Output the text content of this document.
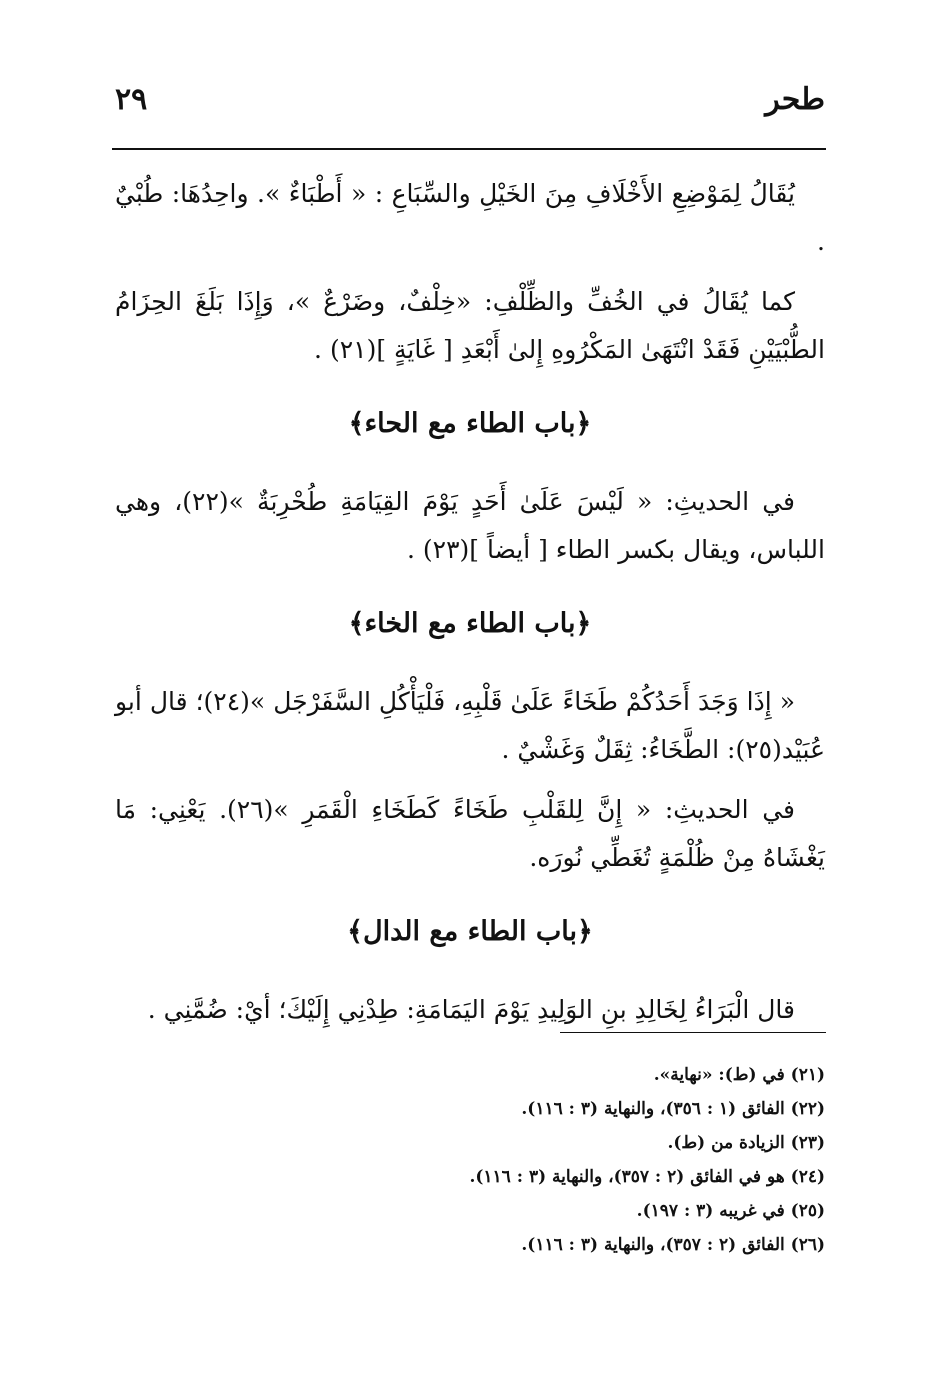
٢٩	طحر

يُقَالُ لِمَوْضِعِ الأَخْلَافِ مِنَ الخَيْلِ والسِّبَاعِ : « أَطْبَاءٌ ». واحِدُهَا: طُبْيٌ .

كما يُقَالُ في الخُفِّ والظِّلْفِ: «خِلْفٌ، وضَرْعٌ »، وَإِذَا بَلَغَ الحِزَامُ الطُّبْيَيْنِ فَقَدْ انْتَهَىٰ المَكْرُوهِ إِلىٰ أَبْعَدِ [ غَايَةٍ ](٢١) .

﴿باب الطاء مع الحاء﴾

في الحديثِ: « لَيْسَ عَلَىٰ أَحَدٍ يَوْمَ القِيَامَةِ طُحْرِبَةٌ »(٢٢)، وهي اللباس، ويقال بكسر الطاء [ أيضاً ](٢٣) .

﴿باب الطاء مع الخاء﴾

« إِذَا وَجَدَ أَحَدُكُمْ طَخَاءً عَلَىٰ قَلْبِهِ، فَلْيَأْكُلِ السَّفَرْجَل »(٢٤)؛ قال أبو عُبَيْد(٢٥): الطَّخَاءُ: ثِقَلٌ وَغَشْيٌ .

في الحديثِ: « إِنَّ لِلقَلْبِ طَخَاءً كَطَخَاءِ الْقَمَرِ »(٢٦). يَعْنِي: مَا يَغْشَاهُ مِنْ ظُلْمَةٍ تُغَطِّي نُورَه.

﴿باب الطاء مع الدال﴾

قال الْبَرَاءُ لِخَالِدِ بنِ الوَلِيدِ يَوْمَ اليَمَامَةِ: طِدْنِي إِلَيْكَ؛ أيْ: ضُمَّنِي .

(٢١) في (ط): «نهاية».
(٢٢) الفائق (١ : ٣٥٦)، والنهاية (٣ : ١١٦).
(٢٣) الزيادة من (ط).
(٢٤) هو في الفائق (٢ : ٣٥٧)، والنهاية (٣ : ١١٦).
(٢٥) في غريبه (٣ : ١٩٧).
(٢٦) الفائق (٢ : ٣٥٧)، والنهاية (٣ : ١١٦).
